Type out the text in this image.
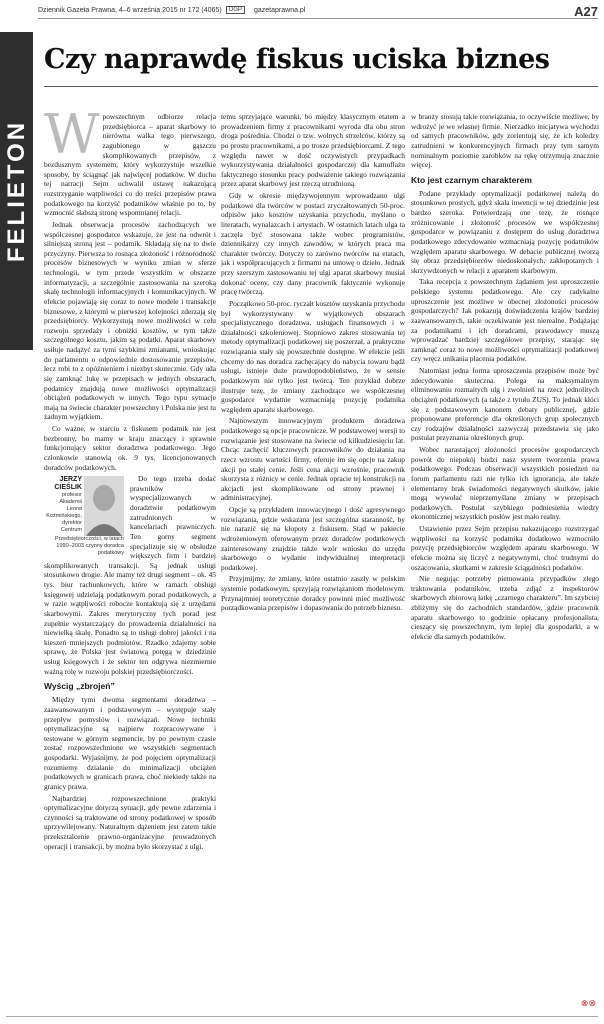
Dziennik Gazeta Prawna, 4–6 września 2015 nr 172 (4065)	DGP	gazetaprawna.pl	A27
FELIETON
Czy naprawdę fiskus uciska biznes
W powszechnym odbiorze relacja przedsiębiorca – aparat skarbowy to nierówna walka tego pierwszego, zagubionego w gąszczu skomplikowanych przepisów, z bezdusznym systemem, który wykorzystuje wszelkie sposoby, by ściągnąć jak najwięcej podatków. W duchu tej narracji Sejm uchwalił ustawę nakazującą rozstrzyganie wątpliwości co do treści przepisów prawa podatkowego na korzyść podatników właśnie po to, by wzmocnić słabszą stronę wspomnianej relacji.

Jednak obserwacja procesów zachodzących we współczesnej gospodarce wskazuje, że jest na odwrót i silniejszą stroną jest – podatnik. Składają się na to dwie przyczyny. Pierwsza to rosnąca złożoność i różnorodność procesów biznesowych w wyniku zmian w sferze technologii, w tym przede wszystkim w obszarze informatyzacji, a szczególnie zastosowania na szeroką skalę technologii informacyjnych i komunikacyjnych. W efekcie pojawiają się coraz to nowe modele i transakcje biznesowe, z którymi w pierwszej kolejności zderzają się przedsiębiorcy. Wykorzystują nowe możliwości w celu rozwoju sprzedaży i obniżki kosztów, w tym także szczególnego kosztu, jakim są podatki. Aparat skarbowy usiłuje nadążyć za tymi szybkimi zmianami, wnioskując do parlamentu o odpowiednie dostosowanie przepisów, lecz robi to z opóźnieniem i niezbyt skutecznie. Gdy uda się zamknąć lukę w przepisach w jednych obszarach, podatnicy znajdują nowe możliwości optymalizacji obciążeń podatkowych w innych. Tego typu sytuacje mają na świecie charakter powszechny i Polska nie jest tu żadnym wyjątkiem.

Co ważne, w starciu z fiskusem podatnik nie jest bezbronny, bo mamy w kraju znaczący i sprawnie funkcjonujący sektor doradztwa podatkowego. Jego członkowie stanowią ok. 9 tys. licencjonowanych doradców podatkowych.

JERZY CIEŚLIK
profesor Akademii Leona Koźmińskiego, dyrektor Centrum Przedsiębiorczości, w latach 1990–2003 czynny doradca podatkowy

Do tego trzeba dodać prawników wyspecjalizowanych w doradztwie podatkowym zatrudnionych w kancelariach prawniczych. Ten gorny segment specjalizuje się w obsłudze większych firm i bardziej skomplikowanych transakcji. Są jednak usługi stosunkowo drogie. Ale mamy też drugi segment – ok. 45 tys. biur rachunkowych, które w ramach obsługi księgowej udzielają podatkowym porad podatkowych, a w razie wątpliwości robocze kontaktują się z urzędami skarbowymi. Zakres merytoryczny tych porad jest zupełnie wystarczający do prowadzenia działalności na niewielką skalę. Ponadto są to usługi dobrej jakości i na kieszeń mniejszych podmiotów. Rzadko zdajemy sobie sprawę, że Polska jest światową potęgą w dziedzinie usług księgowych i że sektor ten odgrywa niezmiernie ważną rolę w rozwoju polskiej przedsiębiorczości.

Wyścig „zbrojeń”

Między tymi dwoma segmentami doradztwa – zaawansowanym i podstawowym – występuje stały przepływ pomysłów i rozwiązań. Nowe techniki optymalizacyjne są najpierw rozpracowywane i testowane w górnym segmencie, by po pewnym czasie zostać rozpowszechnione we wszystkich segmentach gospodarki. Wyjaśnijmy, że pod pojęciem optymalizacji rozumiemy działanie do minimalizacji obciążeń podatkowych w granicach prawa, choć niekiedy także na granicy prawa.

Najbardziej rozpowszechnione praktyki optymalizacyjne dotyczą sytuacji, gdy pewne zdarzenia i czynności są traktowane od strony podatkowej w sposób uprzywilejowany. Naturalnym dążeniem jest zatem takie przeksztalcenie prawno-organizacyjne prowadzonych operacji i transakcji, by można było skorzystać z ulgi.

temu sprzyjające warunki, bo między klasycznym etatem a prowadzeniem firmy z pracownikami wyroda dla obu stron droga pośrednia. Chodzi o tzw. wolnych strzelców, którzy są po prostu pracownikami, a po trosze przedsiębiorcami. Z tego względu nawet w dość oczywistych przypadkach wykorzystywania działalności gospodarczej dla kamuflażu faktycznego stosunku pracy podważenie takiego rozwiązania przez aparat skarbowy jest rzeczą utrudnioną.

Gdy w okresie międzywojennym wprowadzano ulgi podatkowe dla twórców w postaci zryczałtowanych 50-proc. odpisów jako kosztów uzyskania przychodu, myślano o literatach, wynalazcach i artystach. W ostatnich latach ulga ta zaczęła być stosowana także wobec programistów, dziennikarzy czy innych zawodów, w których praca ma charakter twórczy. Dotyczy to zarówno twórców na etatach, jak i współpracujących z firmami na umowę o dzieło. Jednak przy szerszym zastosowaniu tej ulgi aparat skarbowy musiał dokonać oceny, czy dany pracownik faktycznie wykonuje pracę twórczą.

Początkowo 50-proc. ryczałt kosztów uzyskania przychodu był wykorzystywany w wyjątkowych obszarach specjalistycznego doradztwa, usługach finansowych i w działalności szkoleniowej. Stopniowo zakres stosowania tej metody optymalizacji podatkowej się poszerzał, a praktyczne rozwiązania stały się powszechnie dostępne. W efekcie jeśli chcemy do nas doradca zachęcający do nabycia towaru bądź usługi, istnieje duże prawdopodobieństwo, że w sensie podatkowym nie tylko jest twórcą. Ten przykład dobrze ilustruje tezę, że zmiany zachodzące we współczesnej gospodarce wydatnie wzmacniają pozycję podatnika względem aparatu skarbowego.

Najnowszym innowacyjnym produktem doradztwa podatkowego są opcje pracownicze. W podstawowej wersji to rozwiązanie jest stosowane na świecie od kilkudziesięciu lat. Chcąc zachęcić kluczowych pracowników do działania na rzecz wzrostu wartości firmy, oferuje im się opcje na zakup akcji po stałej cenie. Jeśli cena akcji wzrośnie, pracownik skorzysta z różnicy w cenie. Jednak opracie tej konstrukcji na akcjach jest skomplikowane od strony prawnej i administracyjnej.

Opcje są przykładem innowacyjnego i dość agresywnego rozwiązania, gdzie wskazana jest szczególna staranność, by nie narazić się na kłopoty z fiskusem. Stąd w pakiecie wdrożeniowym oferowanym przez doradców podatkowych zainteresowany znajdzie także wzór wniosku do urzędu skarbowego o wydanie indywidualnej interpretacji podatkowej.

Przyjmijmy, że zmiany, które ostatnio zaszły w polskim systemie podatkowym, sprzyjają rozwiązaniom modelowym. Przynajmniej teoretycznie doradcy powinni mieć możliwość porządkowania przepisów i dopasowania do potrzeb biznesu.

w branży stosują takie rozwiązania, to oczywiście możliwe, by wdrożyć je we własnej firmie. Nierzadko inicjatywa wychodzi od samych pracowników, gdy zorientują się, że ich koledzy zatrudnieni w konkurencyjnych firmach przy tym samym nominalnym poziomie zarobków na rękę otrzymują znacznie więcej.

Kto jest czarnym charakterem

Podane przykłady optymalizacji podatkowej należą do stosunkowo prostych, gdyż skala inwencji w tej dziedzinie jest bardzo szeroka. Potwierdzają one tezę, że rosnące zróżnicowanie i złożoność procesów we współczesnej gospodarce w powiązaniu z dostępem do usług doradztwa podatkowego zdecydowanie wzmacniają pozycję podatników względem aparatu skarbowego. W debacie publicznej tworzą się obraz przedsiębiorców niedoskonałych, zakłopotanych i skrzywdzonych w relacji z aparatem skarbowym.

Taka recepcja z powszechnym żądaniem jest uproszczenie polskiego systemu podatkowego. Ale czy radykalne uproszczenie jest możliwe w obecnej złożoności procesów gospodarczych? Jak pokazują doświadczenia krajów bardziej zaawansowanych, takie oczekiwanie jest nierealne. Podążając za podatnikami i ich doradcami, prawodawcy muszą wprowadzać bardziej szczegółowe przepisy, starając się zamknąć coraz to nowe możliwości optymalizacji podatkowej czy wręcz unikania płacenia podatków.

Natomiast jedna forma uproszczenia przepisów może być zdecydowanie skuteczna. Polega na maksymalnym eliminowaniu rozmaitych ulg i zwolnień na rzecz jednolitych obciążeń podatkowych (a także z tytułu ZUS). To jednak kłóci się z podstawowym kanonem debaty publicznej, gdzie proponowane preferencje dla określonych grup społecznych czy rodzajów działalności zazwyczaj przedstawia się jako postulat przyznania określonych grup.

Wobec narastającej złożoności procesów gospodarczych powrót do niepokój budzi nasz system tworzenia prawa podatkowego. Podczas obserwacji wszystkich posiedzeń na forum parlamentu rażi nie tylko ich ignorancja, ale także elementarny brak świadomości negatywnych skutków, jakie mogą wywołać nieprzemyślane zmiany w przepisach podatkowych. Postulat szybkiego podniesienia wiedzy ekonomicznej wszystkich posłów jest mało realny.

Ustawienie przez Sejm przepisu nakazującego rozstrzygać wątpliwości na korzyść podatnika dodatkowo wzmocniło pozycję przedsiębiorców względem aparatu skarbowego. W efekcie można się liczyć z negatywnymi, choć trudnymi do oszacowania, skutkami w zakresie ściągalności podatków.

Nie negując potrzeby pietnowania przypadków złego traktowania podatników, trzeba zdjąć z inspektorów skarbowych zbiorową łatkę „czarnego charakteru”. Im szybciej zbliżymy się do zachodnich standardów, gdzie pracownik aparatu skarbowego to godzinie opłacany profesjonalista, cieszący się powszechnym, tym lepiej dla gospodarki, a w efekcie dla samych podatników.

⊗⊗
